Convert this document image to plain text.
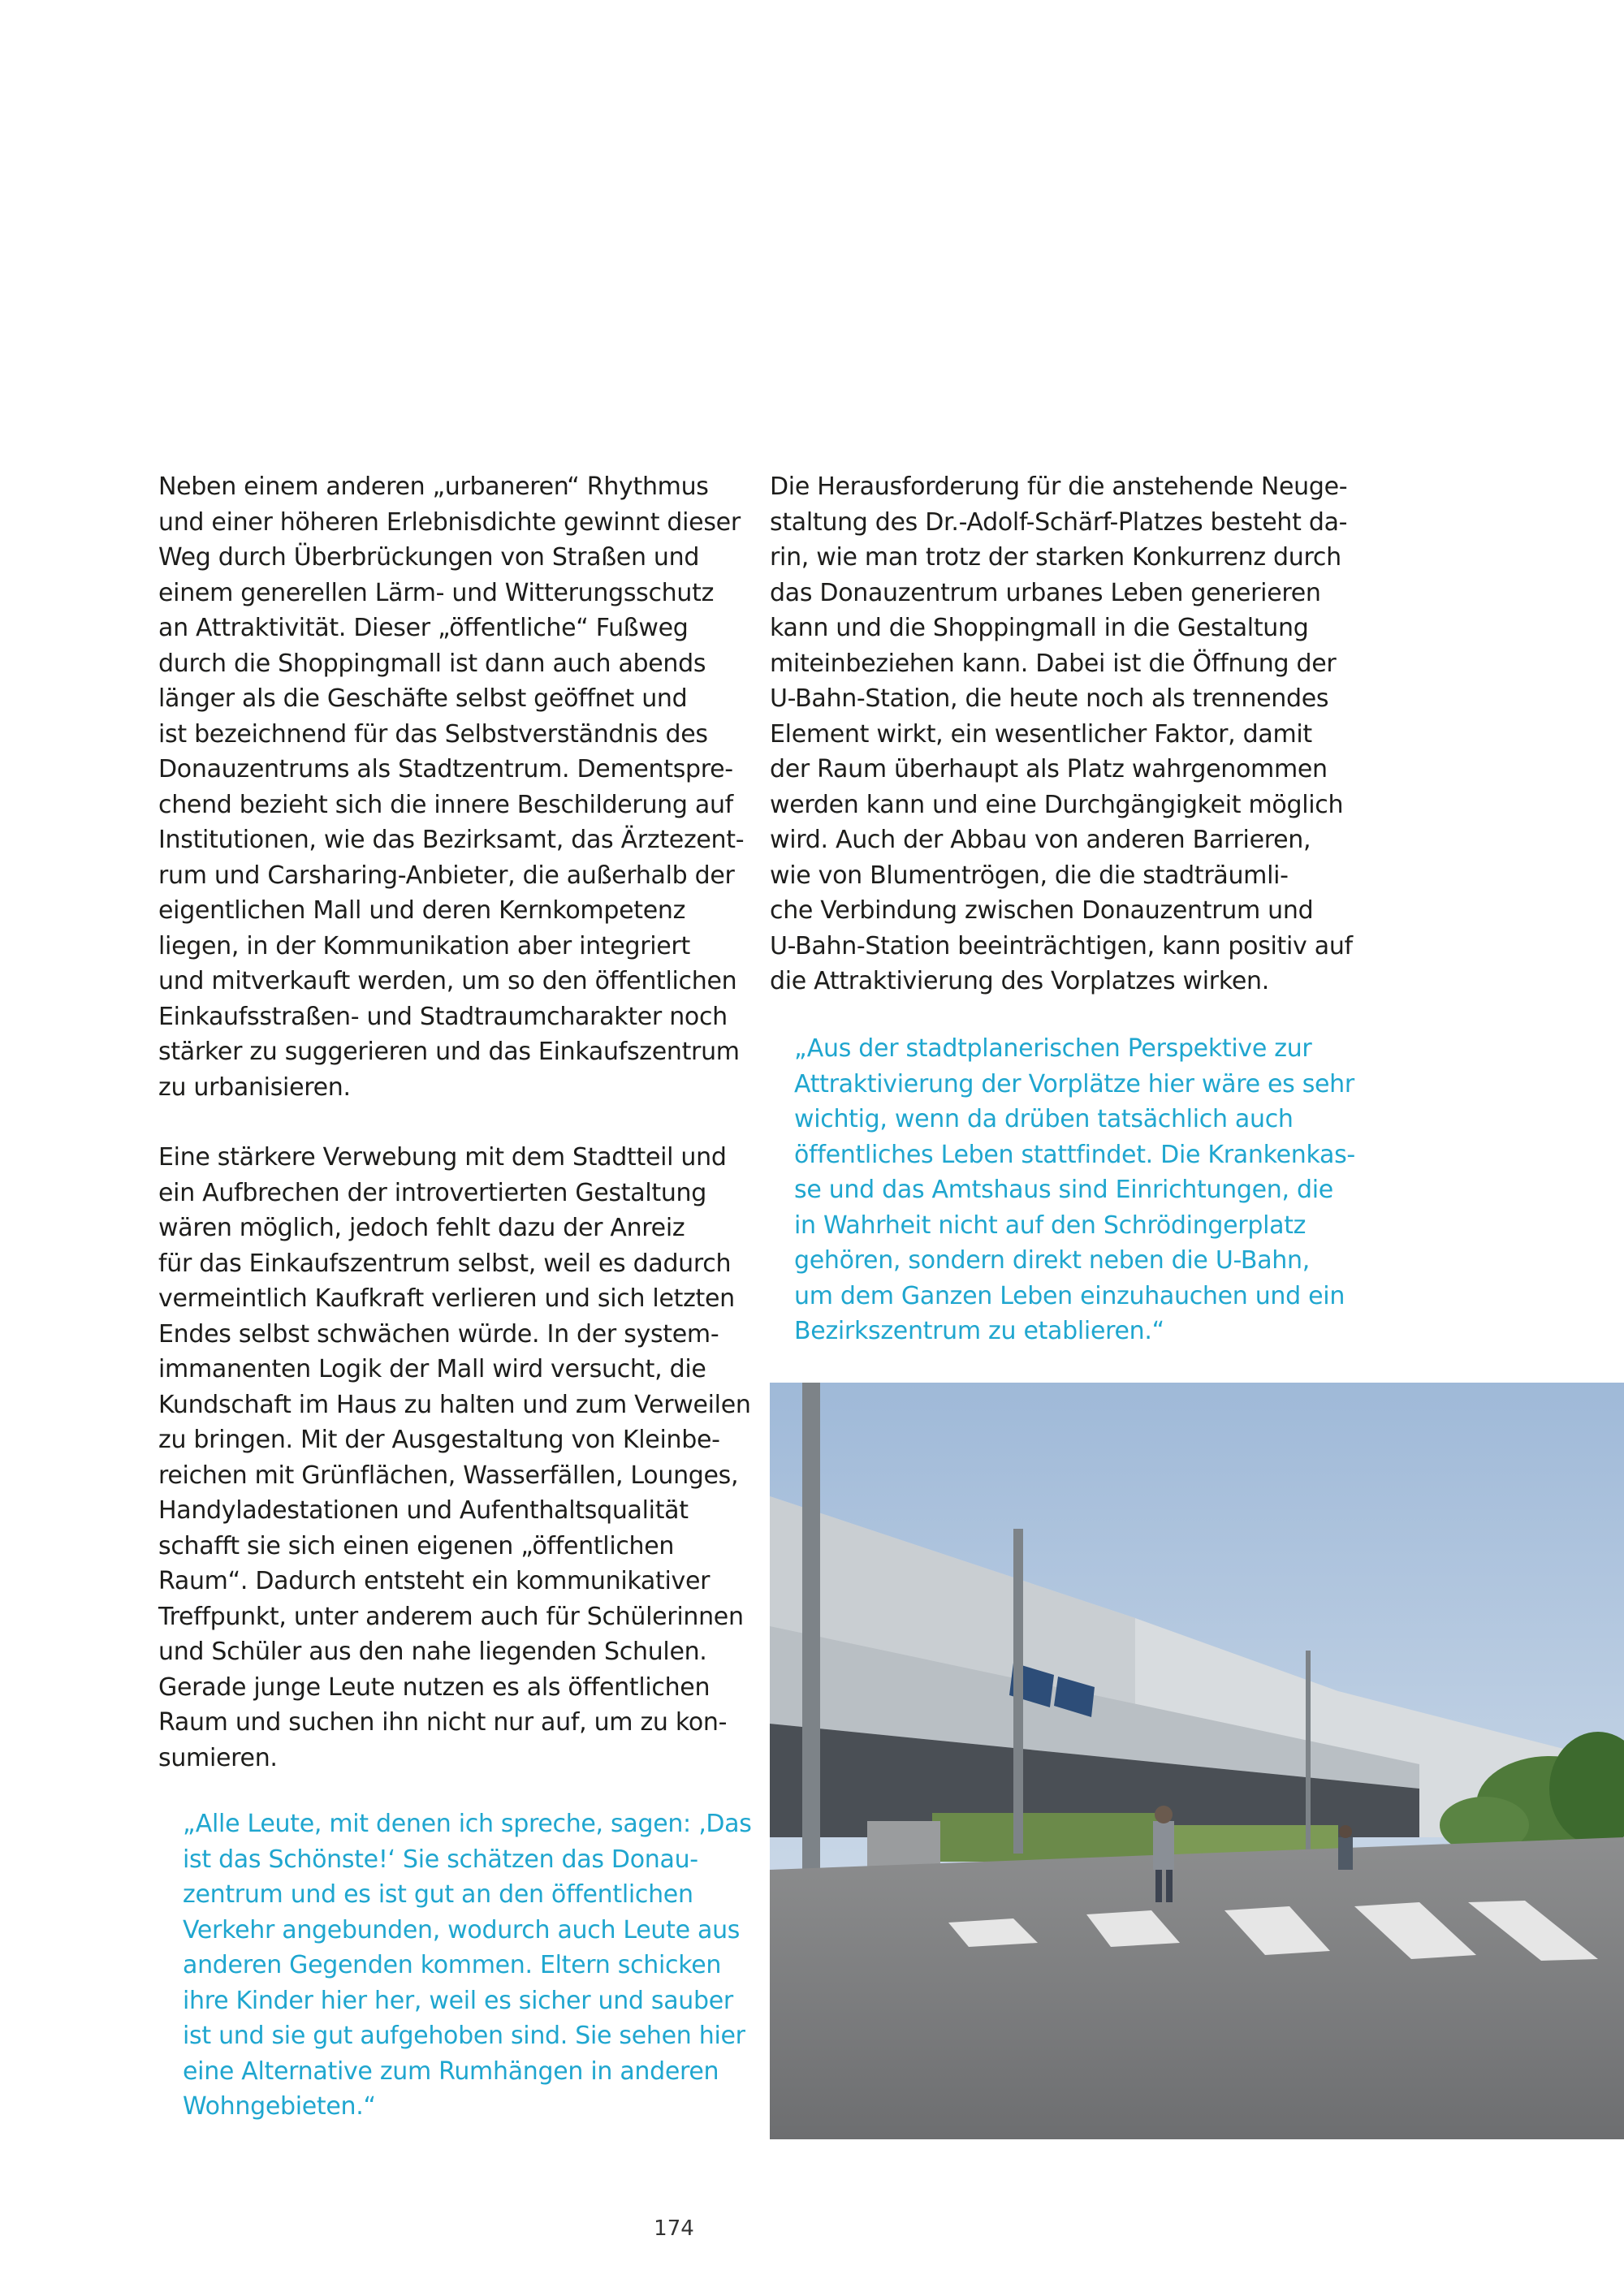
Neben einem anderen „urbaneren“ Rhythmus
und einer höheren Erlebnisdichte gewinnt dieser
Weg durch Überbrückungen von Straßen und
einem generellen Lärm- und Witterungsschutz
an Attraktivität. Dieser „öffentliche“ Fußweg
durch die Shoppingmall ist dann auch abends
länger als die Geschäfte selbst geöffnet und
ist bezeichnend für das Selbstverständnis des
Donauzentrums als Stadtzentrum. Dementspre-
chend bezieht sich die innere Beschilderung auf
Institutionen, wie das Bezirksamt, das Ärztezent-
rum und Carsharing-Anbieter, die außerhalb der
eigentlichen Mall und deren Kernkompetenz
liegen, in der Kommunikation aber integriert
und mitverkauft werden, um so den öffentlichen
Einkaufsstraßen- und Stadtraumcharakter noch
stärker zu suggerieren und das Einkaufszentrum
zu urbanisieren.

Eine stärkere Verwebung mit dem Stadtteil und
ein Aufbrechen der introvertierten Gestaltung
wären möglich, jedoch fehlt dazu der Anreiz
für das Einkaufszentrum selbst, weil es dadurch
vermeintlich Kaufkraft verlieren und sich letzten
Endes selbst schwächen würde. In der system-
immanenten Logik der Mall wird versucht, die
Kundschaft im Haus zu halten und zum Verweilen
zu bringen. Mit der Ausgestaltung von Kleinbe-
reichen mit Grünflächen, Wasserfällen, Lounges,
Handyladestationen und Aufenthaltsqualität
schafft sie sich einen eigenen „öffentlichen
Raum“. Dadurch entsteht ein kommunikativer
Treffpunkt, unter anderem auch für Schülerinnen
und Schüler aus den nahe liegenden Schulen.
Gerade junge Leute nutzen es als öffentlichen
Raum und suchen ihn nicht nur auf, um zu kon-
sumieren.

„Alle Leute, mit denen ich spreche, sagen: ‚Das
ist das Schönste!‘ Sie schätzen das Donau-
zentrum und es ist gut an den öffentlichen
Verkehr angebunden, wodurch auch Leute aus
anderen Gegenden kommen. Eltern schicken
ihre Kinder hier her, weil es sicher und sauber
ist und sie gut aufgehoben sind. Sie sehen hier
eine Alternative zum Rumhängen in anderen
Wohngebieten.“

Die Herausforderung für die anstehende Neuge-
staltung des Dr.-Adolf-Schärf-Platzes besteht da-
rin, wie man trotz der starken Konkurrenz durch
das Donauzentrum urbanes Leben generieren
kann und die Shoppingmall in die Gestaltung
miteinbeziehen kann. Dabei ist die Öffnung der
U-Bahn-Station, die heute noch als trennendes
Element wirkt, ein wesentlicher Faktor, damit
der Raum überhaupt als Platz wahrgenommen
werden kann und eine Durchgängigkeit möglich
wird. Auch der Abbau von anderen Barrieren,
wie von Blumentrögen, die die stadträumli-
che Verbindung zwischen Donauzentrum und
U-Bahn-Station beeinträchtigen, kann positiv auf
die Attraktivierung des Vorplatzes wirken.

„Aus der stadtplanerischen Perspektive zur
Attraktivierung der Vorplätze hier wäre es sehr
wichtig, wenn da drüben tatsächlich auch
öffentliches Leben stattfindet. Die Krankenkas-
se und das Amtshaus sind Einrichtungen, die
in Wahrheit nicht auf den Schrödingerplatz
gehören, sondern direkt neben die U-Bahn,
um dem Ganzen Leben einzuhauchen und ein
Bezirkszentrum zu etablieren.“
174
